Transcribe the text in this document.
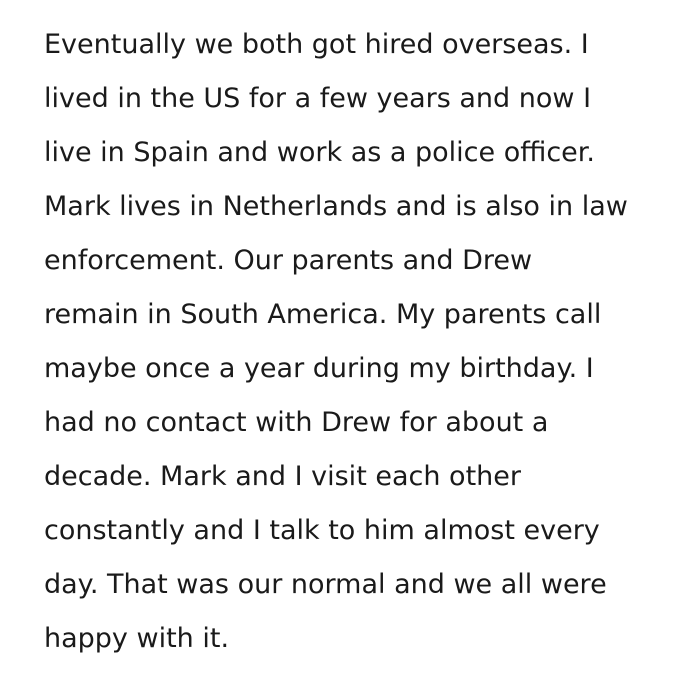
Eventually we both got hired overseas. I
lived in the US for a few years and now I
live in Spain and work as a police officer.
Mark lives in Netherlands and is also in law
enforcement. Our parents and Drew
remain in South America. My parents call
maybe once a year during my birthday. I
had no contact with Drew for about a
decade. Mark and I visit each other
constantly and I talk to him almost every
day. That was our normal and we all were
happy with it.
